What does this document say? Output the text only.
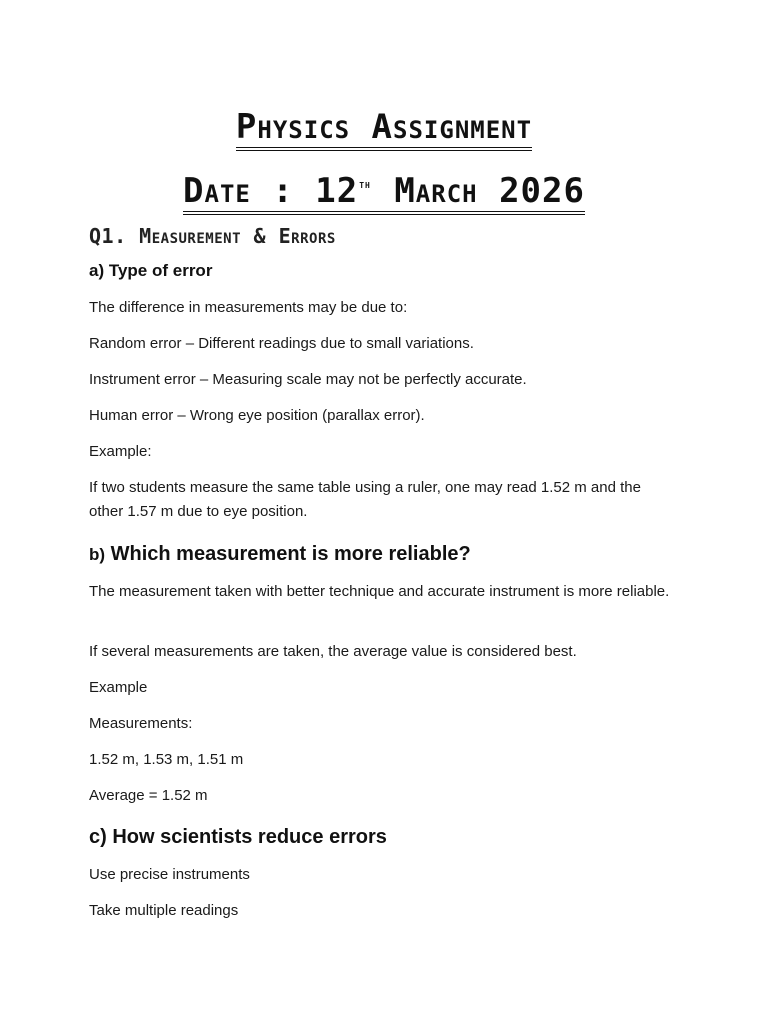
Physics Assignment
Date : 12th March 2026
Q1. Measurement & Errors
a) Type of error
The difference in measurements may be due to:
Random error – Different readings due to small variations.
Instrument error – Measuring scale may not be perfectly accurate.
Human error – Wrong eye position (parallax error).
Example:
If two students measure the same table using a ruler, one may read 1.52 m and the other 1.57 m due to eye position.
b) Which measurement is more reliable?
The measurement taken with better technique and accurate instrument is more reliable.
If several measurements are taken, the average value is considered best.
Example
Measurements:
1.52 m, 1.53 m, 1.51 m
Average = 1.52 m
c) How scientists reduce errors
Use precise instruments
Take multiple readings
